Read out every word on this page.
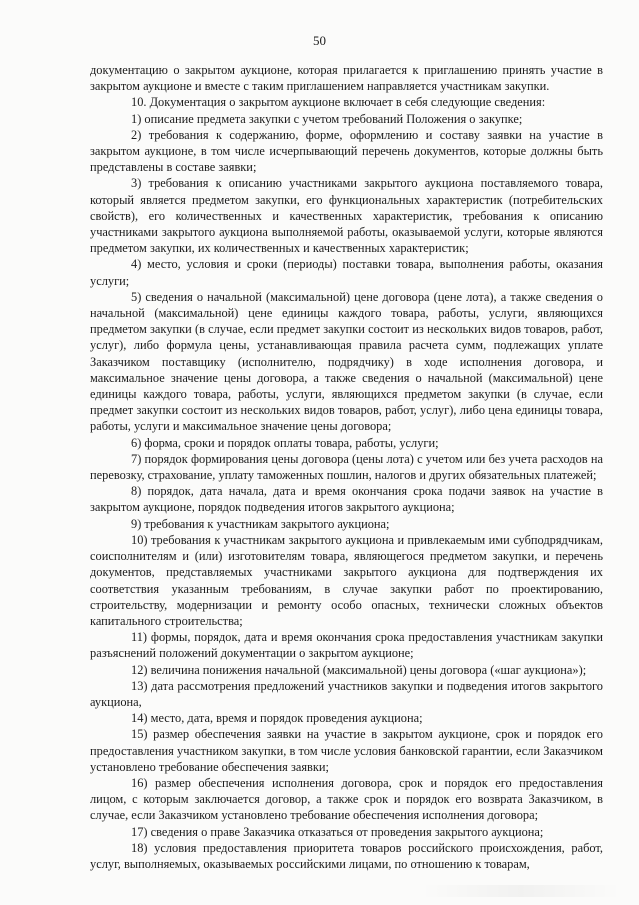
50

документацию о закрытом аукционе, которая прилагается к приглашению принять участие в закрытом аукционе и вместе с таким приглашением направляется участникам закупки.

10. Документация о закрытом аукционе включает в себя следующие сведения:

1) описание предмета закупки с учетом требований Положения о закупке;

2) требования к содержанию, форме, оформлению и составу заявки на участие в закрытом аукционе, в том числе исчерпывающий перечень документов, которые должны быть представлены в составе заявки;

3) требования к описанию участниками закрытого аукциона поставляемого товара, который является предметом закупки, его функциональных характеристик (потребительских свойств), его количественных и качественных характеристик, требования к описанию участниками закрытого аукциона выполняемой работы, оказываемой услуги, которые являются предметом закупки, их количественных и качественных характеристик;

4) место, условия и сроки (периоды) поставки товара, выполнения работы, оказания услуги;

5) сведения о начальной (максимальной) цене договора (цене лота), а также сведения о начальной (максимальной) цене единицы каждого товара, работы, услуги, являющихся предметом закупки (в случае, если предмет закупки состоит из нескольких видов товаров, работ, услуг), либо формула цены, устанавливающая правила расчета сумм, подлежащих уплате Заказчиком поставщику (исполнителю, подрядчику) в ходе исполнения договора, и максимальное значение цены договора, а также сведения о начальной (максимальной) цене единицы каждого товара, работы, услуги, являющихся предметом закупки (в случае, если предмет закупки состоит из нескольких видов товаров, работ, услуг), либо цена единицы товара, работы, услуги и максимальное значение цены договора;

6) форма, сроки и порядок оплаты товара, работы, услуги;

7) порядок формирования цены договора (цены лота) с учетом или без учета расходов на перевозку, страхование, уплату таможенных пошлин, налогов и других обязательных платежей;

8) порядок, дата начала, дата и время окончания срока подачи заявок на участие в закрытом аукционе, порядок подведения итогов закрытого аукциона;

9) требования к участникам закрытого аукциона;

10) требования к участникам закрытого аукциона и привлекаемым ими субподрядчикам, соисполнителям и (или) изготовителям товара, являющегося предметом закупки, и перечень документов, представляемых участниками закрытого аукциона для подтверждения их соответствия указанным требованиям, в случае закупки работ по проектированию, строительству, модернизации и ремонту особо опасных, технически сложных объектов капитального строительства;

11) формы, порядок, дата и время окончания срока предоставления участникам закупки разъяснений положений документации о закрытом аукционе;

12) величина понижения начальной (максимальной) цены договора («шаг аукциона»);

13) дата рассмотрения предложений участников закупки и подведения итогов закрытого аукциона,

14) место, дата, время и порядок проведения аукциона;

15) размер обеспечения заявки на участие в закрытом аукционе, срок и порядок его предоставления участником закупки, в том числе условия банковской гарантии, если Заказчиком установлено требование обеспечения заявки;

16) размер обеспечения исполнения договора, срок и порядок его предоставления лицом, с которым заключается договор, а также срок и порядок его возврата Заказчиком, в случае, если Заказчиком установлено требование обеспечения исполнения договора;

17) сведения о праве Заказчика отказаться от проведения закрытого аукциона;

18) условия предоставления приоритета товаров российского происхождения, работ, услуг, выполняемых, оказываемых российскими лицами, по отношению к товарам,
